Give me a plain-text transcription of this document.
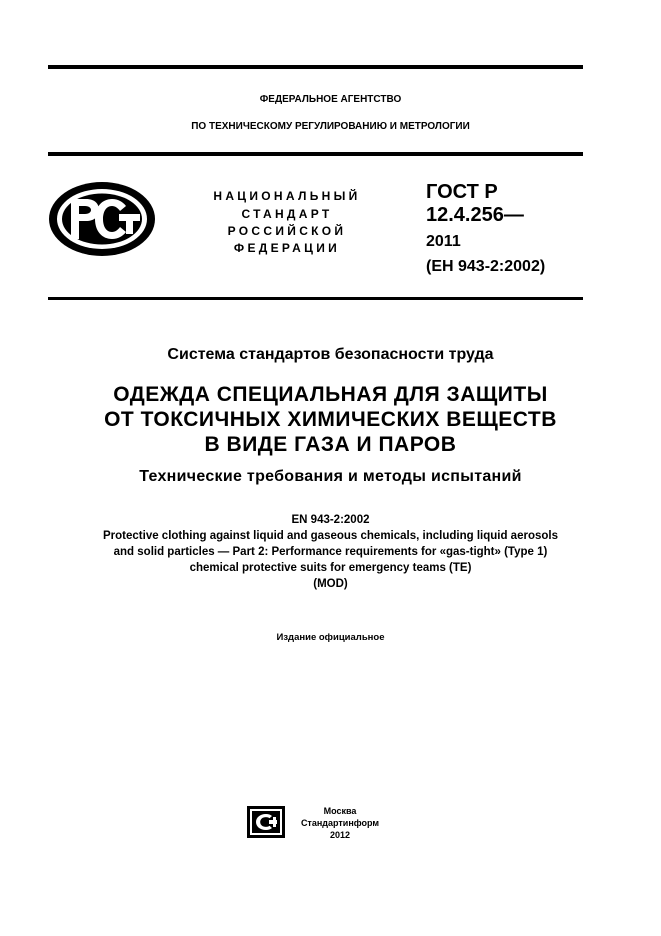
ФЕДЕРАЛЬНОЕ АГЕНТСТВО
ПО ТЕХНИЧЕСКОМУ РЕГУЛИРОВАНИЮ И МЕТРОЛОГИИ
НАЦИОНАЛЬНЫЙ
СТАНДАРТ
РОССИЙСКОЙ
ФЕДЕРАЦИИ
ГОСТ Р
12.4.256—
2011
(ЕН 943-2:2002)
Система стандартов безопасности труда
ОДЕЖДА СПЕЦИАЛЬНАЯ ДЛЯ ЗАЩИТЫ
ОТ ТОКСИЧНЫХ ХИМИЧЕСКИХ ВЕЩЕСТВ
В ВИДЕ ГАЗА И ПАРОВ
Технические требования и методы испытаний
EN 943-2:2002
Protective clothing against liquid and gaseous chemicals, including liquid aerosols
and solid particles — Part 2: Performance requirements for «gas-tight» (Type 1)
chemical protective suits for emergency teams (TE)
(MOD)
Издание официальное
Москва
Стандартинформ
2012
